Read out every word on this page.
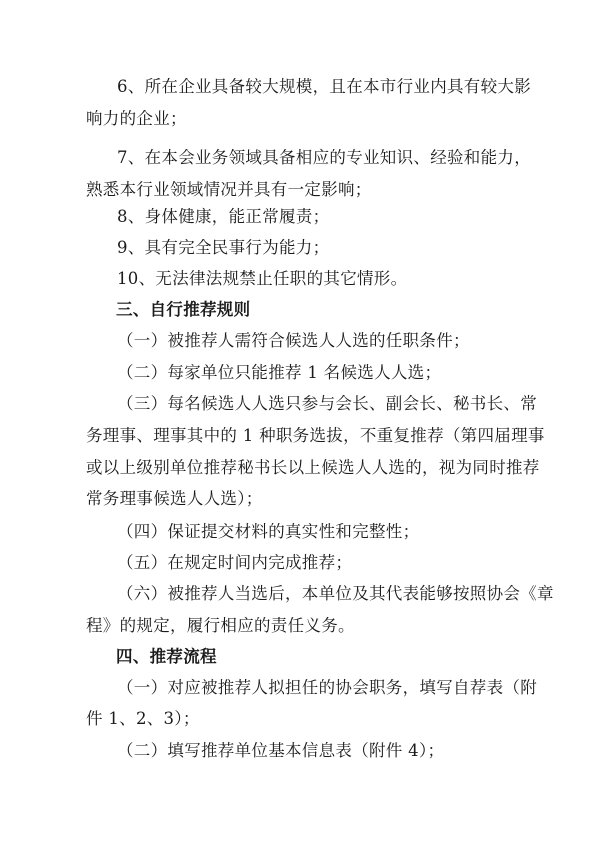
6、所在企业具备较大规模，且在本市行业内具有较大影
响力的企业；
7、在本会业务领域具备相应的专业知识、经验和能力，
熟悉本行业领域情况并具有一定影响；
8、身体健康，能正常履责；
9、具有完全民事行为能力；
10、无法律法规禁止任职的其它情形。
三、自行推荐规则
（一）被推荐人需符合候选人人选的任职条件；
（二）每家单位只能推荐 1 名候选人人选；
（三）每名候选人人选只参与会长、副会长、秘书长、常
务理事、理事其中的 1 种职务选拔，不重复推荐（第四届理事
或以上级别单位推荐秘书长以上候选人人选的，视为同时推荐
常务理事候选人人选）；
（四）保证提交材料的真实性和完整性；
（五）在规定时间内完成推荐；
（六）被推荐人当选后，本单位及其代表能够按照协会《章
程》的规定，履行相应的责任义务。
四、推荐流程
（一）对应被推荐人拟担任的协会职务，填写自荐表（附
件 1、2、3）；
（二）填写推荐单位基本信息表（附件 4）；
